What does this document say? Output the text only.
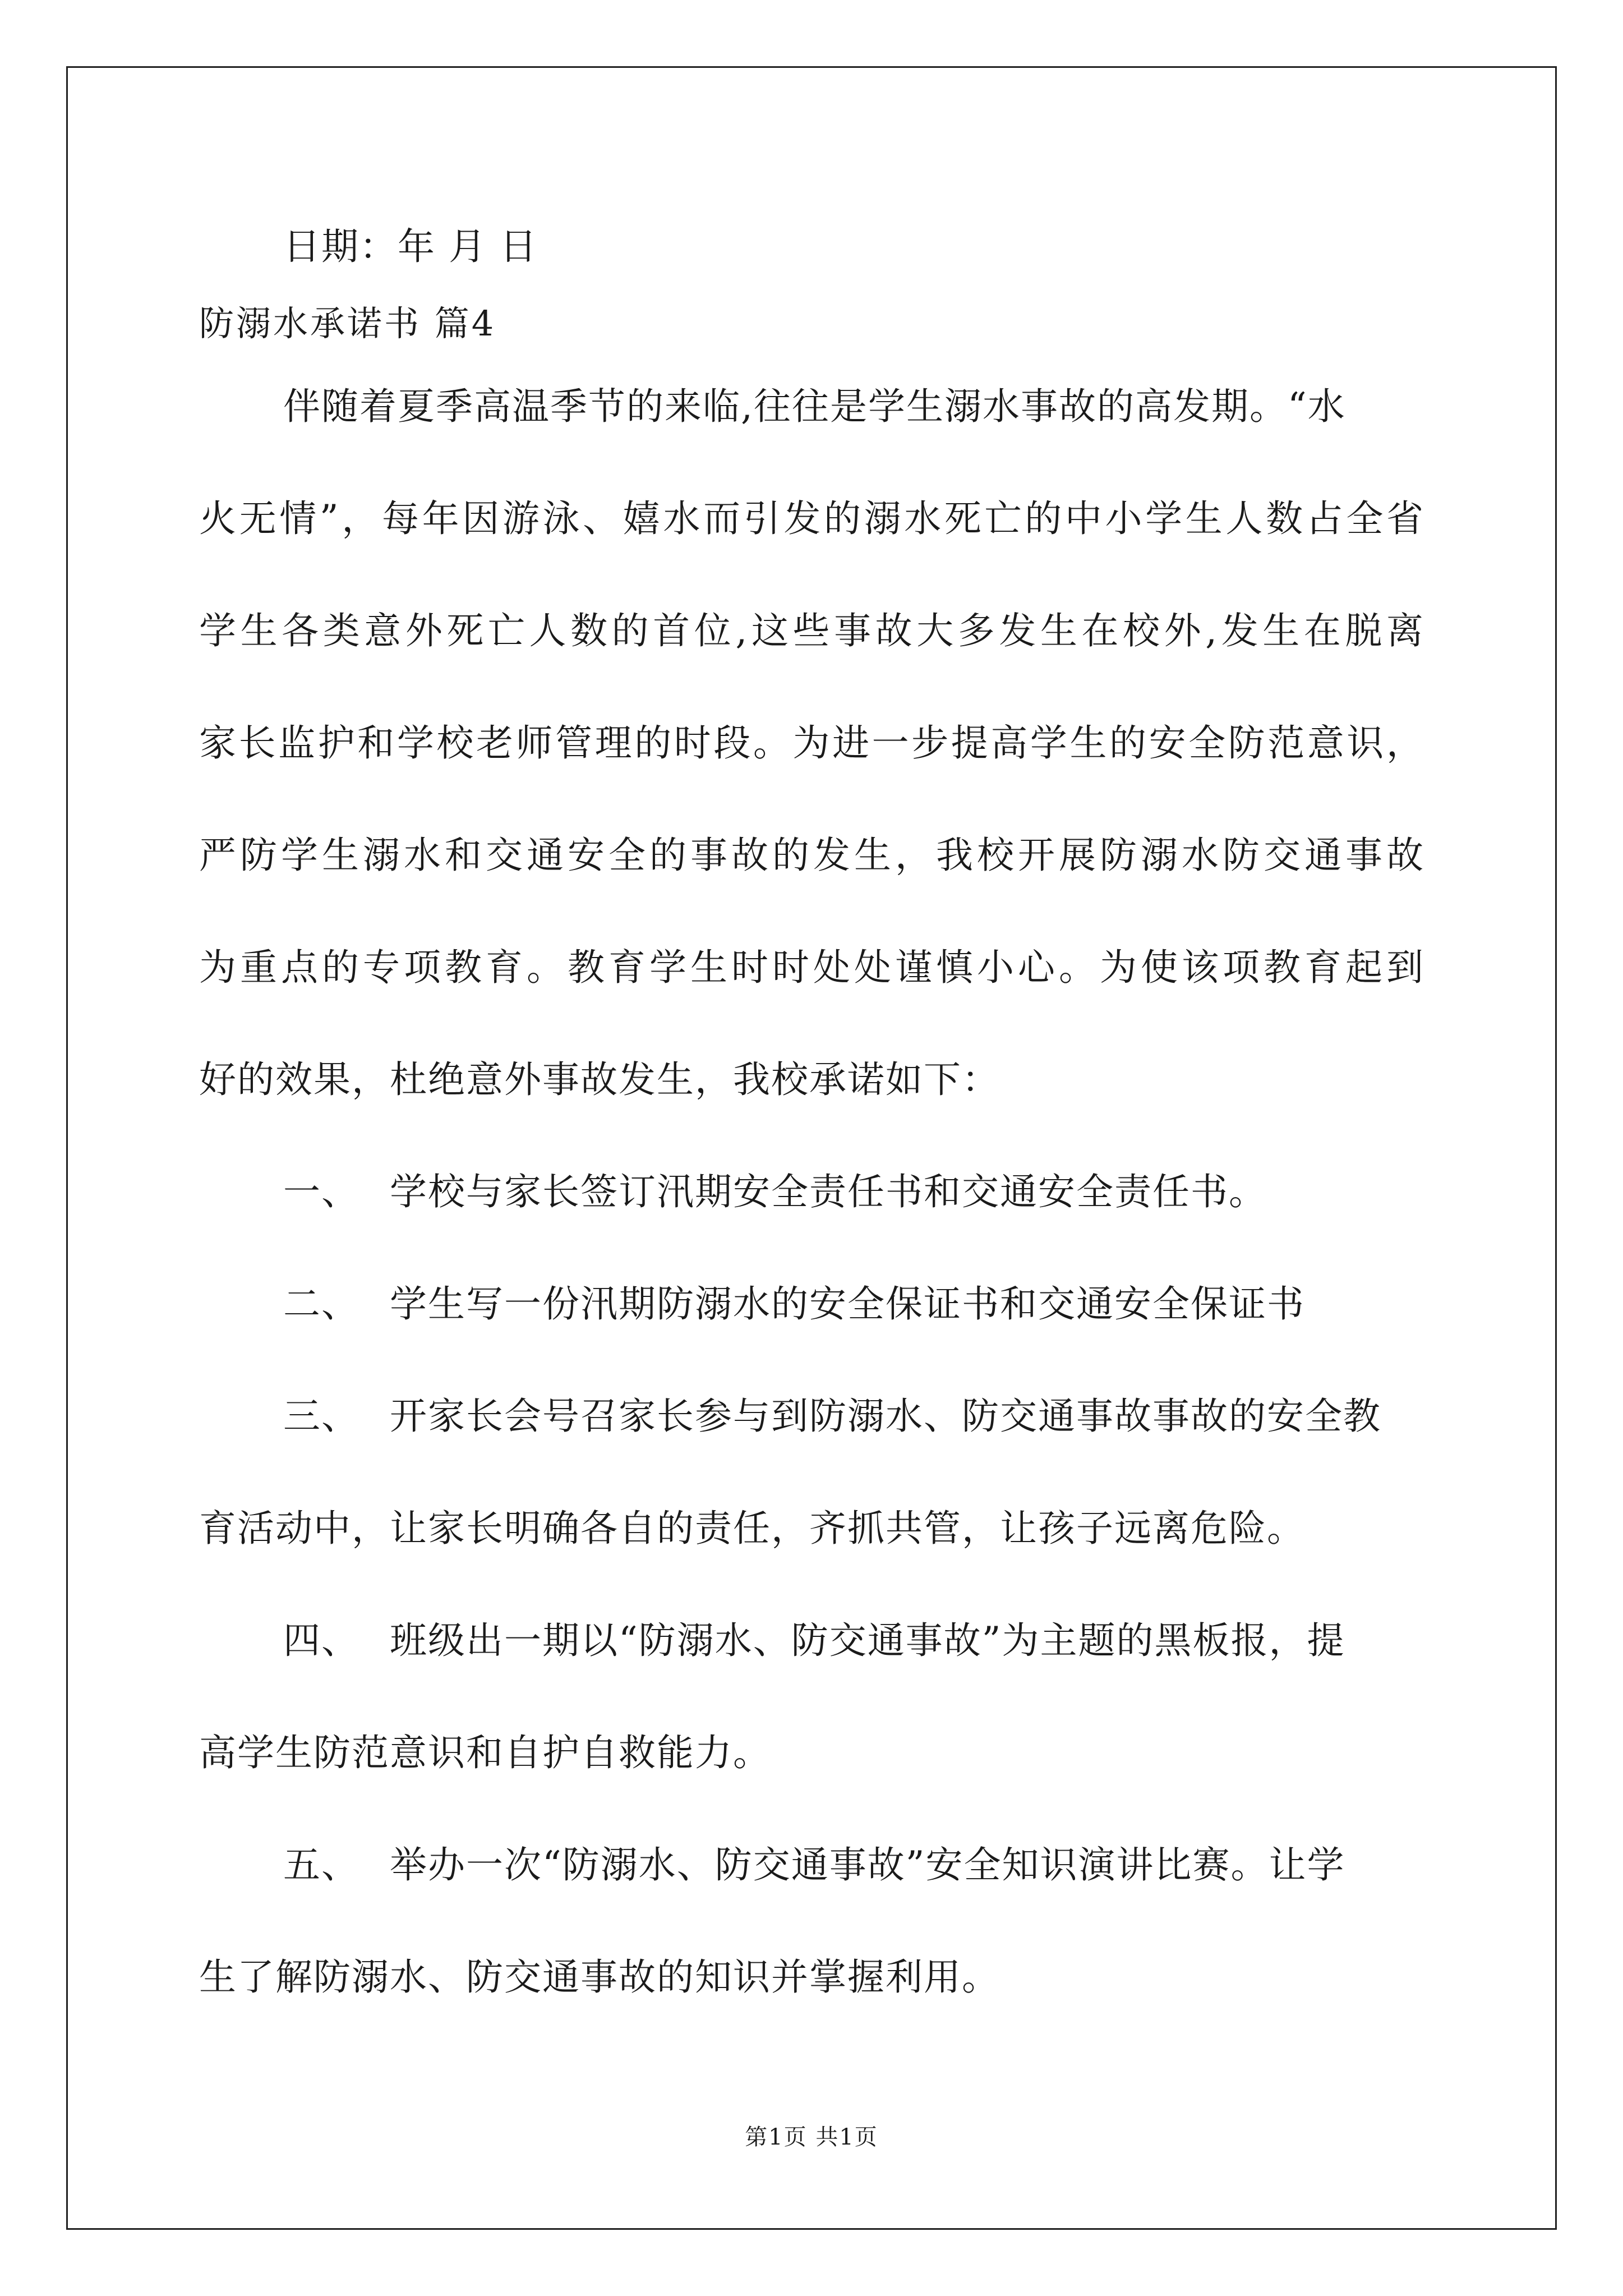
日期：年 月 日
防溺水承诺书 篇4
伴随着夏季高温季节的来临,往往是学生溺水事故的高发期。“水
火无情”，每年因游泳、嬉水而引发的溺水死亡的中小学生人数占全省
学生各类意外死亡人数的首位,这些事故大多发生在校外,发生在脱离
家长监护和学校老师管理的时段。为进一步提高学生的安全防范意识，
严防学生溺水和交通安全的事故的发生，我校开展防溺水防交通事故
为重点的专项教育。教育学生时时处处谨慎小心。为使该项教育起到
好的效果，杜绝意外事故发生，我校承诺如下：
一、 学校与家长签订汛期安全责任书和交通安全责任书。
二、 学生写一份汛期防溺水的安全保证书和交通安全保证书
三、 开家长会号召家长参与到防溺水、防交通事故事故的安全教
育活动中，让家长明确各自的责任，齐抓共管，让孩子远离危险。
四、 班级出一期以“防溺水、防交通事故”为主题的黑板报，提
高学生防范意识和自护自救能力。
五、 举办一次“防溺水、防交通事故”安全知识演讲比赛。让学
生了解防溺水、防交通事故的知识并掌握利用。
第1页 共1页
